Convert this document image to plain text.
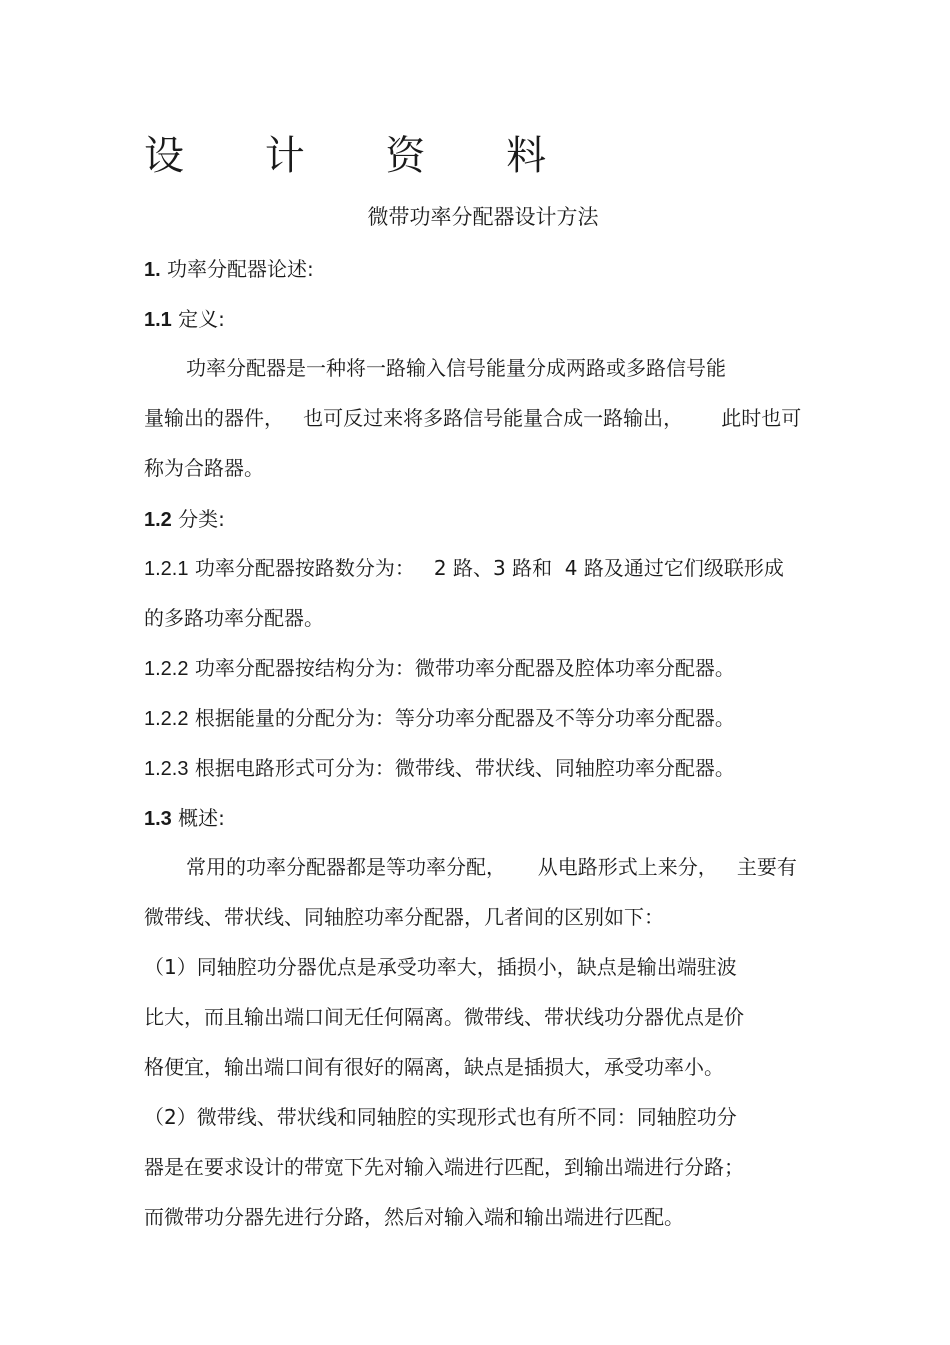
设 计 资 料
微带功率分配器设计方法
1. 功率分配器论述:
1.1 定义:
功率分配器是一种将一路输入信号能量分成两路或多路信号能
量输出的器件，   也可反过来将多路信号能量合成一路输出，      此时也可
称为合路器。
1.2 分类:
1.2.1 功率分配器按路数分为：   2 路、3 路和  4 路及通过它们级联形成
的多路功率分配器。
1.2.2 功率分配器按结构分为：微带功率分配器及腔体功率分配器。
1.2.2 根据能量的分配分为：等分功率分配器及不等分功率分配器。
1.2.3 根据电路形式可分为：微带线、带状线、同轴腔功率分配器。
1.3 概述:
常用的功率分配器都是等功率分配，     从电路形式上来分，   主要有
微带线、带状线、同轴腔功率分配器，几者间的区别如下：
（1）同轴腔功分器优点是承受功率大，插损小，缺点是输出端驻波
比大，而且输出端口间无任何隔离。微带线、带状线功分器优点是价
格便宜，输出端口间有很好的隔离，缺点是插损大，承受功率小。
（2）微带线、带状线和同轴腔的实现形式也有所不同：同轴腔功分
器是在要求设计的带宽下先对输入端进行匹配，到输出端进行分路；
而微带功分器先进行分路，然后对输入端和输出端进行匹配。
